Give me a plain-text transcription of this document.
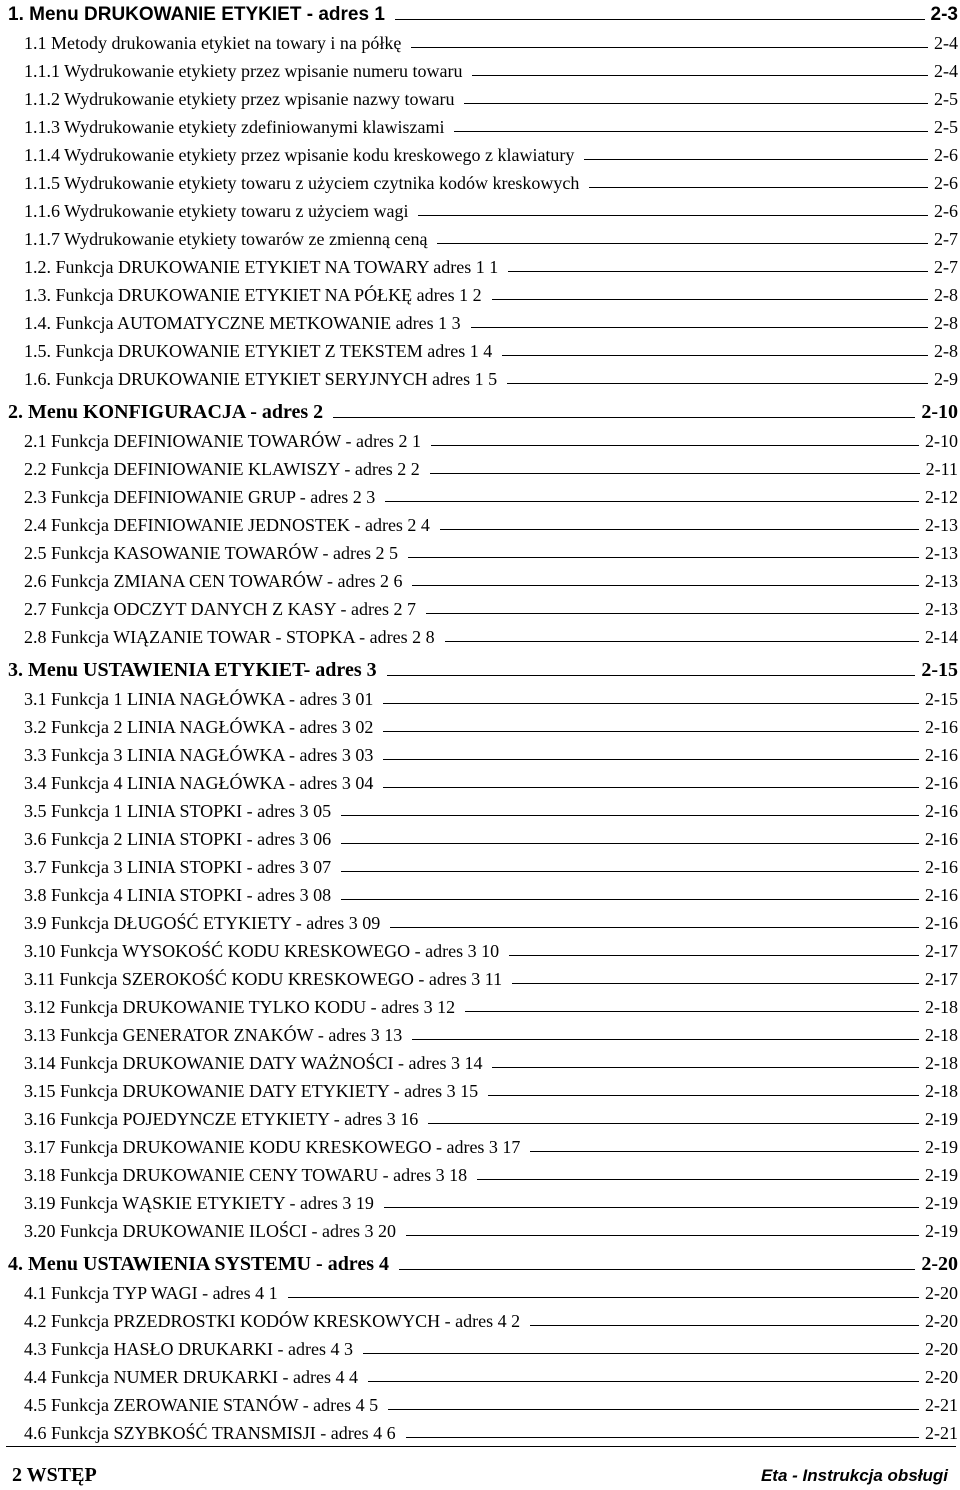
1. Menu DRUKOWANIE ETYKIET - adres 1	2-3
1.1 Metody drukowania etykiet na towary i na półkę	2-4
1.1.1 Wydrukowanie etykiety przez wpisanie numeru towaru	2-4
1.1.2 Wydrukowanie etykiety przez wpisanie nazwy towaru	2-5
1.1.3 Wydrukowanie etykiety zdefiniowanymi klawiszami	2-5
1.1.4 Wydrukowanie etykiety przez wpisanie kodu kreskowego z klawiatury	2-6
1.1.5 Wydrukowanie etykiety towaru z użyciem czytnika kodów kreskowych	2-6
1.1.6 Wydrukowanie etykiety towaru z użyciem wagi	2-6
1.1.7 Wydrukowanie etykiety towarów ze zmienną ceną	2-7
1.2. Funkcja DRUKOWANIE ETYKIET NA TOWARY adres 1 1	2-7
1.3. Funkcja DRUKOWANIE ETYKIET NA PÓŁKĘ adres 1 2	2-8
1.4. Funkcja AUTOMATYCZNE METKOWANIE adres 1 3	2-8
1.5. Funkcja DRUKOWANIE ETYKIET Z TEKSTEM adres 1 4	2-8
1.6. Funkcja DRUKOWANIE ETYKIET SERYJNYCH adres 1 5	2-9
2. Menu KONFIGURACJA - adres 2	2-10
2.1 Funkcja DEFINIOWANIE TOWARÓW - adres 2 1	2-10
2.2 Funkcja DEFINIOWANIE KLAWISZY - adres 2 2	2-11
2.3 Funkcja DEFINIOWANIE GRUP - adres 2 3	2-12
2.4 Funkcja DEFINIOWANIE JEDNOSTEK - adres 2 4	2-13
2.5 Funkcja KASOWANIE TOWARÓW - adres 2 5	2-13
2.6 Funkcja ZMIANA CEN TOWARÓW - adres 2 6	2-13
2.7 Funkcja ODCZYT DANYCH Z KASY - adres 2 7	2-13
2.8 Funkcja WIĄZANIE TOWAR - STOPKA - adres 2 8	2-14
3. Menu USTAWIENIA ETYKIET- adres 3	2-15
3.1 Funkcja 1 LINIA NAGŁÓWKA - adres 3 01	2-15
3.2 Funkcja 2 LINIA NAGŁÓWKA - adres 3 02	2-16
3.3 Funkcja 3 LINIA NAGŁÓWKA - adres 3 03	2-16
3.4 Funkcja 4 LINIA NAGŁÓWKA - adres 3 04	2-16
3.5 Funkcja 1 LINIA STOPKI - adres 3 05	2-16
3.6 Funkcja 2 LINIA STOPKI - adres 3 06	2-16
3.7 Funkcja 3 LINIA STOPKI - adres 3 07	2-16
3.8 Funkcja 4 LINIA STOPKI - adres 3 08	2-16
3.9 Funkcja DŁUGOŚĆ ETYKIETY - adres 3 09	2-16
3.10 Funkcja WYSOKOŚĆ KODU KRESKOWEGO - adres 3 10	2-17
3.11 Funkcja SZEROKOŚĆ KODU KRESKOWEGO - adres 3 11	2-17
3.12 Funkcja DRUKOWANIE TYLKO KODU - adres 3 12	2-18
3.13 Funkcja GENERATOR ZNAKÓW - adres 3 13	2-18
3.14 Funkcja DRUKOWANIE DATY WAŻNOŚCI - adres 3 14	2-18
3.15 Funkcja DRUKOWANIE DATY ETYKIETY - adres 3 15	2-18
3.16 Funkcja POJEDYNCZE ETYKIETY - adres 3 16	2-19
3.17 Funkcja DRUKOWANIE KODU KRESKOWEGO - adres 3 17	2-19
3.18 Funkcja DRUKOWANIE CENY TOWARU - adres 3 18	2-19
3.19 Funkcja WĄSKIE ETYKIETY - adres 3 19	2-19
3.20 Funkcja DRUKOWANIE ILOŚCI - adres 3 20	2-19
4. Menu USTAWIENIA SYSTEMU - adres 4	2-20
4.1 Funkcja TYP WAGI - adres 4 1	2-20
4.2 Funkcja PRZEDROSTKI KODÓW KRESKOWYCH - adres 4 2	2-20
4.3 Funkcja HASŁO DRUKARKI - adres 4 3	2-20
4.4 Funkcja NUMER DRUKARKI - adres 4 4	2-20
4.5 Funkcja ZEROWANIE STANÓW - adres 4 5	2-21
4.6 Funkcja SZYBKOŚĆ TRANSMISJI - adres 4 6	2-21
2 WSTĘP	Eta - Instrukcja obsługi
